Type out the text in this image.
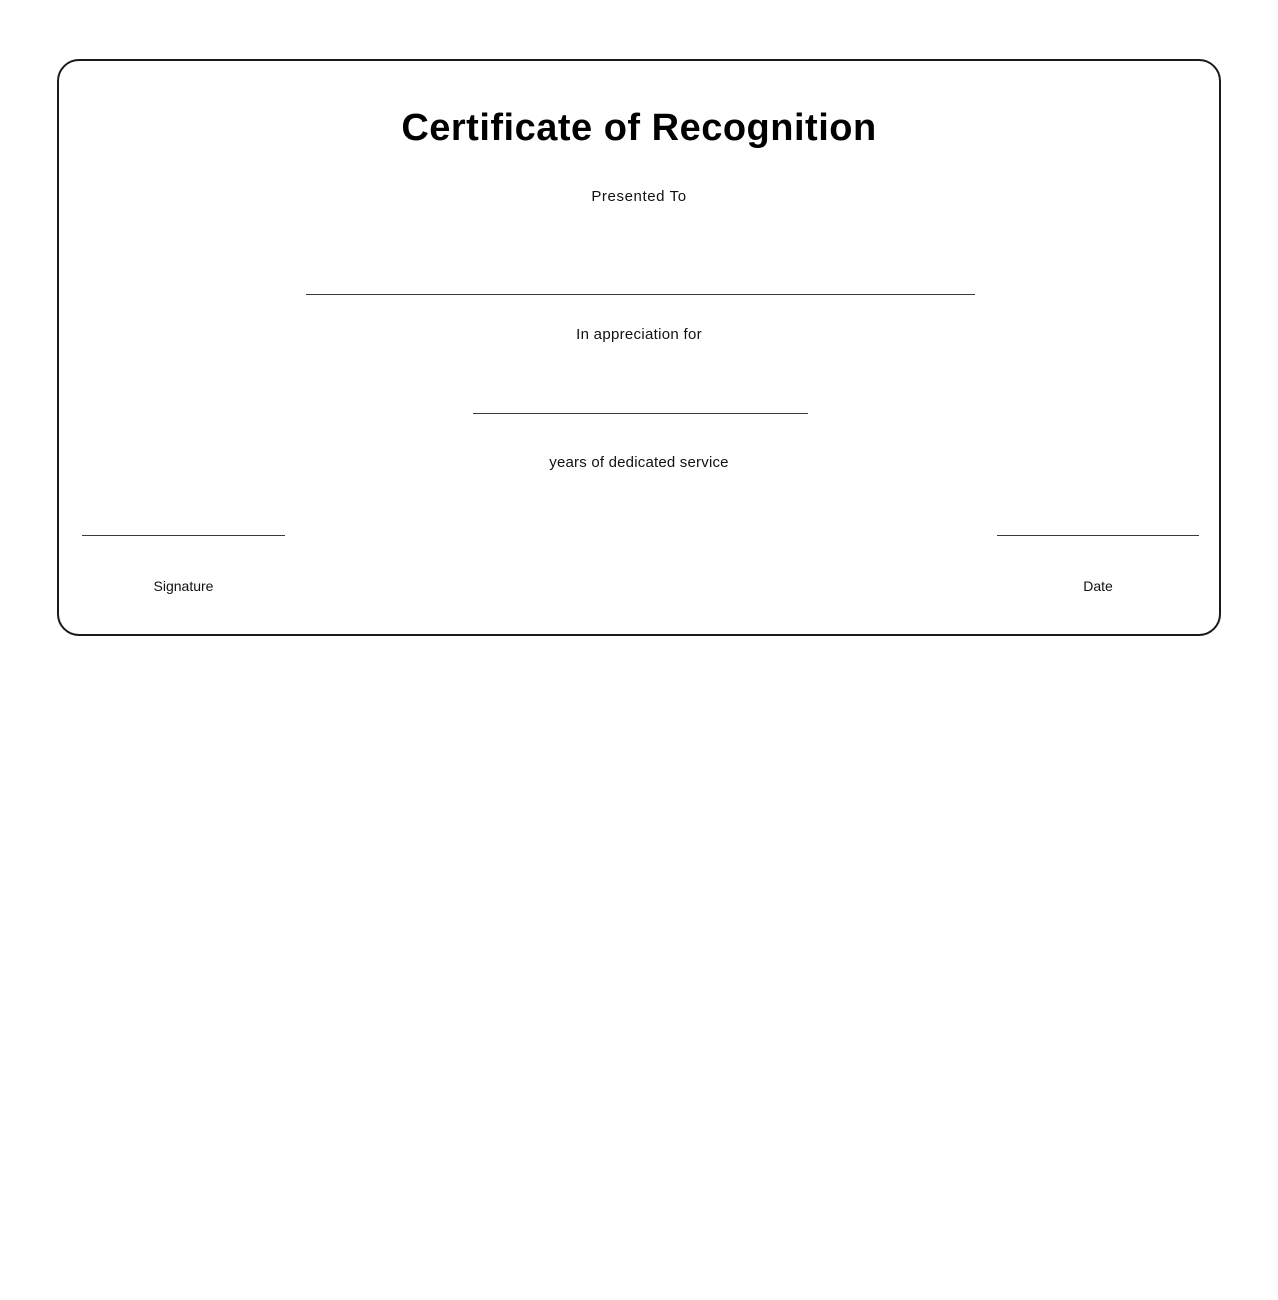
Certificate of Recognition
Presented To
In appreciation for
years of dedicated service
Signature	Date
